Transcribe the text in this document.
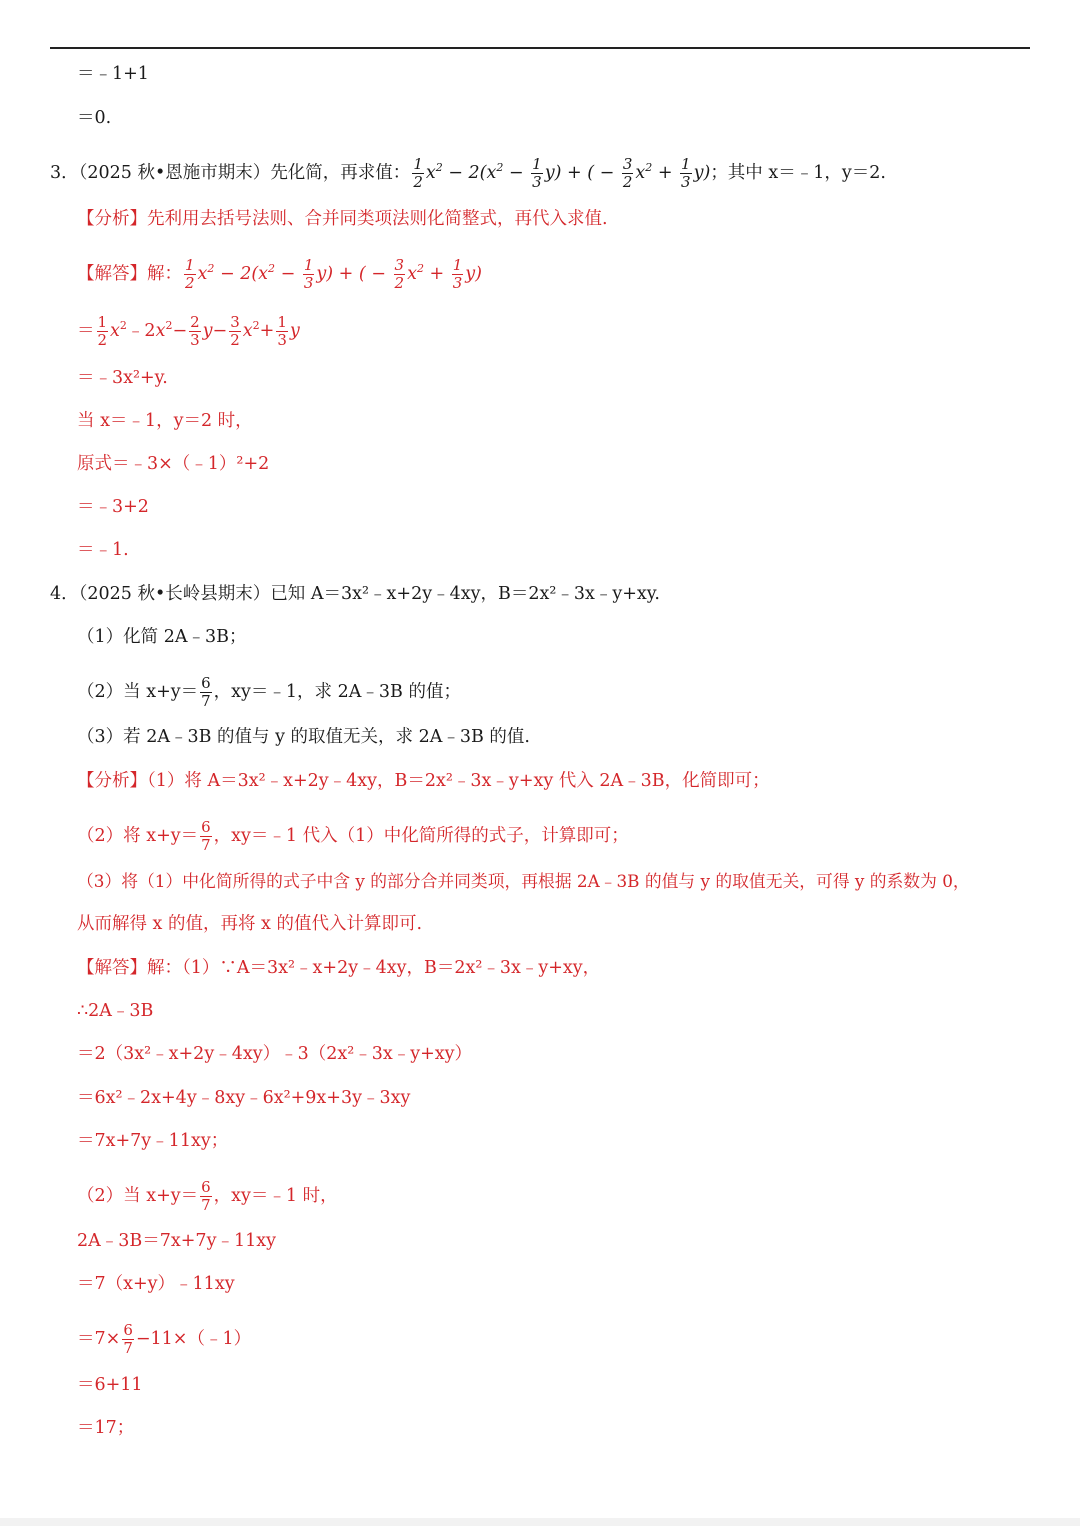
＝﹣1+1
＝0.
3．（2025 秋•恩施市期末）先化简，再求值： $\frac{1}{2} x^2 - 2(x^2 - \frac{1}{3} y)$ + ( − $\frac{3}{2} x^2 + \frac{1}{3} y$)；其中 x＝﹣1，y＝2.
【分析】先利用去括号法则、合并同类项法则化简整式，再代入求值.
【解答】解： $\frac{1}{2} x^2 - 2(x^2 - \frac{1}{3} y)$ + ( − $\frac{3}{2} x^2 + \frac{1}{3} y$)
＝ $\frac{1}{2}$ $x^2﹣2x^2- \frac{2}{3} y- \frac{3}{2} x^2+ \frac{1}{3}$ y
＝﹣3x²+y.
当 x＝﹣1，y＝2 时，
原式＝﹣3×（﹣1）²+2
＝﹣3+2
＝﹣1.
4．（2025 秋•长岭县期末）已知 A＝3x²﹣x+2y﹣4xy，B＝2x²﹣3x﹣y+xy.
（1）化简 2A﹣3B；
（2）当 $x+y= \frac{6}{7}$ ，xy＝﹣1，求 2A﹣3B 的值；
（3）若 2A﹣3B 的值与 y 的取值无关，求 2A﹣3B 的值.
【分析】（1）将 A＝3x²﹣x+2y﹣4xy，B＝2x²﹣3x﹣y+xy 代入 2A﹣3B，化简即可；
（2）将 $x+y= \frac{6}{7}$ ，xy＝﹣1 代入（1）中化简所得的式子，计算即可；
（3）将（1）中化简所得的式子中含 y 的部分合并同类项，再根据 2A﹣3B 的值与 y 的取值无关，可得 y 的系数为 0，
从而解得 x 的值，再将 x 的值代入计算即可.
【解答】解：（1）∵A＝3x²﹣x+2y﹣4xy，B＝2x²﹣3x﹣y+xy，
∴2A﹣3B
＝2（3x²﹣x+2y﹣4xy）﹣3（2x²﹣3x﹣y+xy）
＝6x²﹣2x+4y﹣8xy﹣6x²+9x+3y﹣3xy
＝7x+7y﹣11xy；
（2）当 $x+y= \frac{6}{7}$ ，xy＝﹣1 时，
2A﹣3B＝7x+7y﹣11xy
＝7（x+y）﹣11xy
$=7\times \frac{6}{7}$ −11×（﹣1）
＝6+11
＝17；
